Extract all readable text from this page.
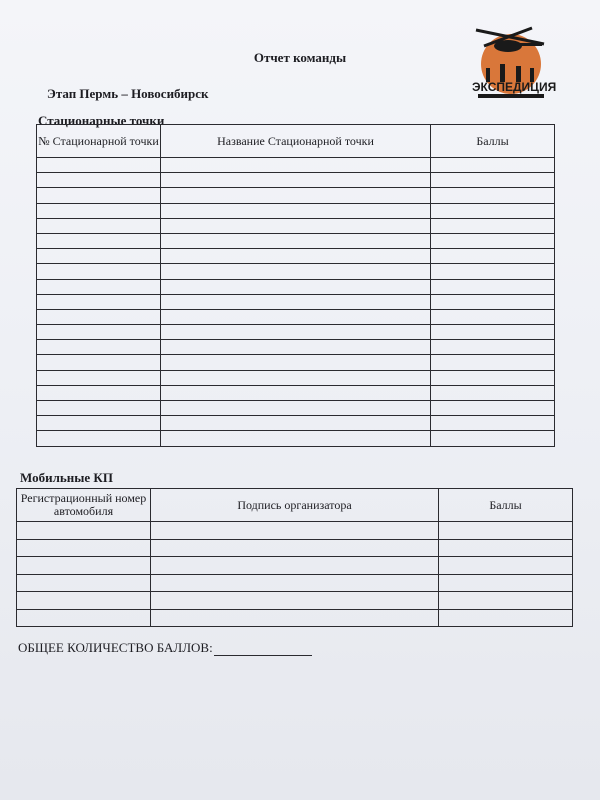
ЭКСПЕДИЦИЯ
Отчет команды
Этап Пермь – Новосибирск
Стационарные точки
№ Стационарной точки	Название Стационарной точки	Баллы

Мобильные КП
Регистрационный номер автомобиля	Подпись организатора	Баллы

ОБЩЕЕ КОЛИЧЕСТВО БАЛЛОВ:
